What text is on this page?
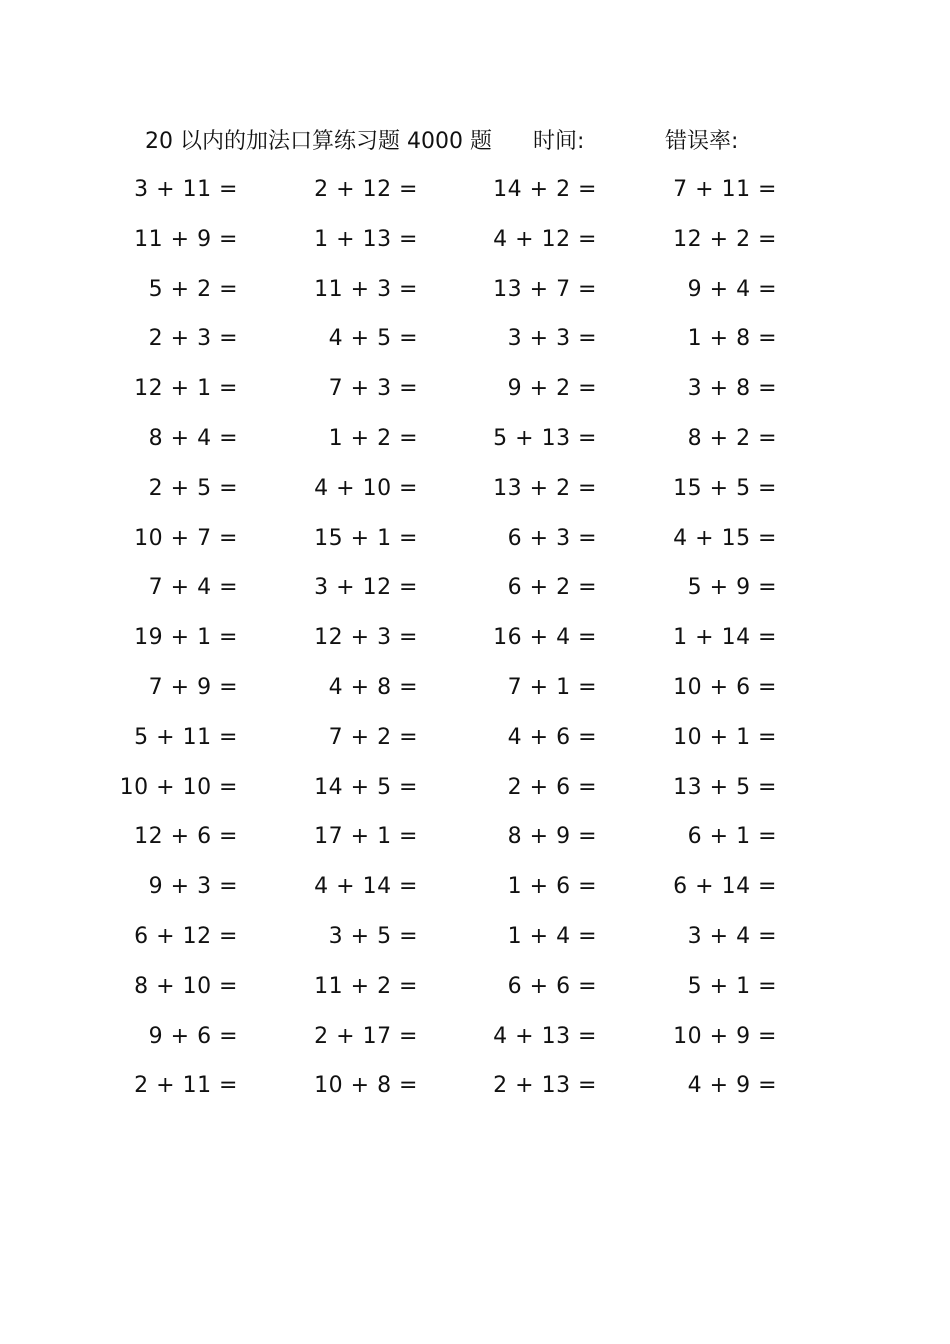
20 以内的加法口算练习题 4000 题 时间:	错误率:
3 + 11 =	2 + 12 =	14 + 2 =	7 + 11 =
11 + 9 =	1 + 13 =	4 + 12 =	12 + 2 =
5 + 2 =	11 + 3 =	13 + 7 =	9 + 4 =
2 + 3 =	4 + 5 =	3 + 3 =	1 + 8 =
12 + 1 =	7 + 3 =	9 + 2 =	3 + 8 =
8 + 4 =	1 + 2 =	5 + 13 =	8 + 2 =
2 + 5 =	4 + 10 =	13 + 2 =	15 + 5 =
10 + 7 =	15 + 1 =	6 + 3 =	4 + 15 =
7 + 4 =	3 + 12 =	6 + 2 =	5 + 9 =
19 + 1 =	12 + 3 =	16 + 4 =	1 + 14 =
7 + 9 =	4 + 8 =	7 + 1 =	10 + 6 =
5 + 11 =	7 + 2 =	4 + 6 =	10 + 1 =
10 + 10 =	14 + 5 =	2 + 6 =	13 + 5 =
12 + 6 =	17 + 1 =	8 + 9 =	6 + 1 =
9 + 3 =	4 + 14 =	1 + 6 =	6 + 14 =
6 + 12 =	3 + 5 =	1 + 4 =	3 + 4 =
8 + 10 =	11 + 2 =	6 + 6 =	5 + 1 =
9 + 6 =	2 + 17 =	4 + 13 =	10 + 9 =
2 + 11 =	10 + 8 =	2 + 13 =	4 + 9 =
